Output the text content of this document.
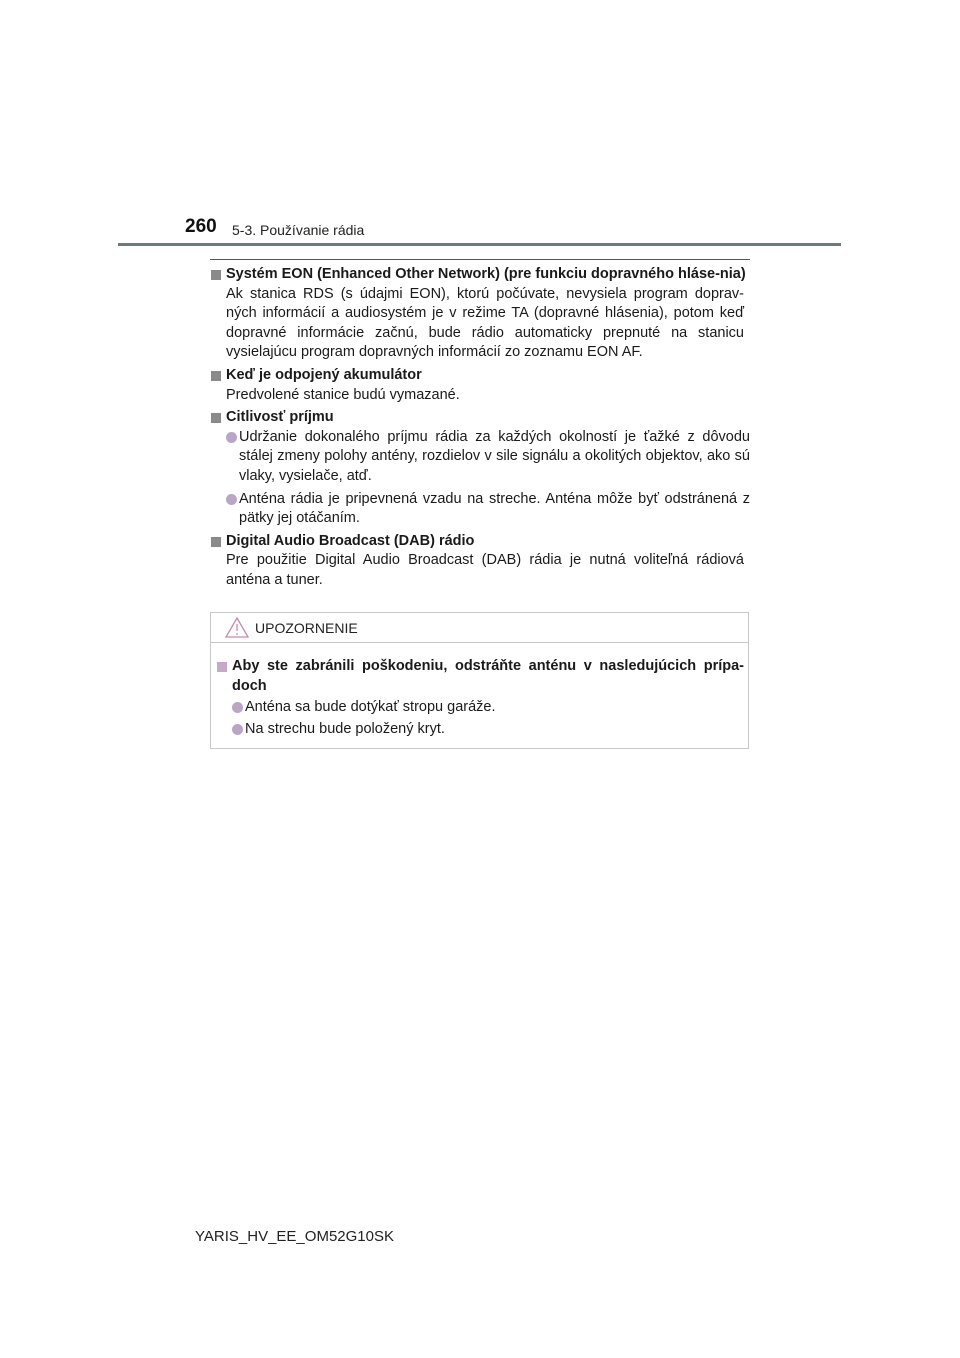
260 5-3. Používanie rádia
Systém EON (Enhanced Other Network) (pre funkciu dopravného hláse-nia)
Ak stanica RDS (s údajmi EON), ktorú počúvate, nevysiela program doprav-ných informácií a audiosystém je v režime TA (dopravné hlásenia), potom keď dopravné informácie začnú, bude rádio automaticky prepnuté na stanicu vysielajúcu program dopravných informácií zo zoznamu EON AF.
Keď je odpojený akumulátor
Predvolené stanice budú vymazané.
Citlivosť príjmu
Udržanie dokonalého príjmu rádia za každých okolností je ťažké z dôvodu stálej zmeny polohy antény, rozdielov v sile signálu a okolitých objektov, ako sú vlaky, vysielače, atď.
Anténa rádia je pripevnená vzadu na streche. Anténa môže byť odstránená z pätky jej otáčaním.
Digital Audio Broadcast (DAB) rádio
Pre použitie Digital Audio Broadcast (DAB) rádia je nutná voliteľná rádiová anténa a tuner.
UPOZORNENIE
Aby ste zabránili poškodeniu, odstráňte anténu v nasledujúcich prípa-doch
Anténa sa bude dotýkať stropu garáže.
Na strechu bude položený kryt.
YARIS_HV_EE_OM52G10SK
